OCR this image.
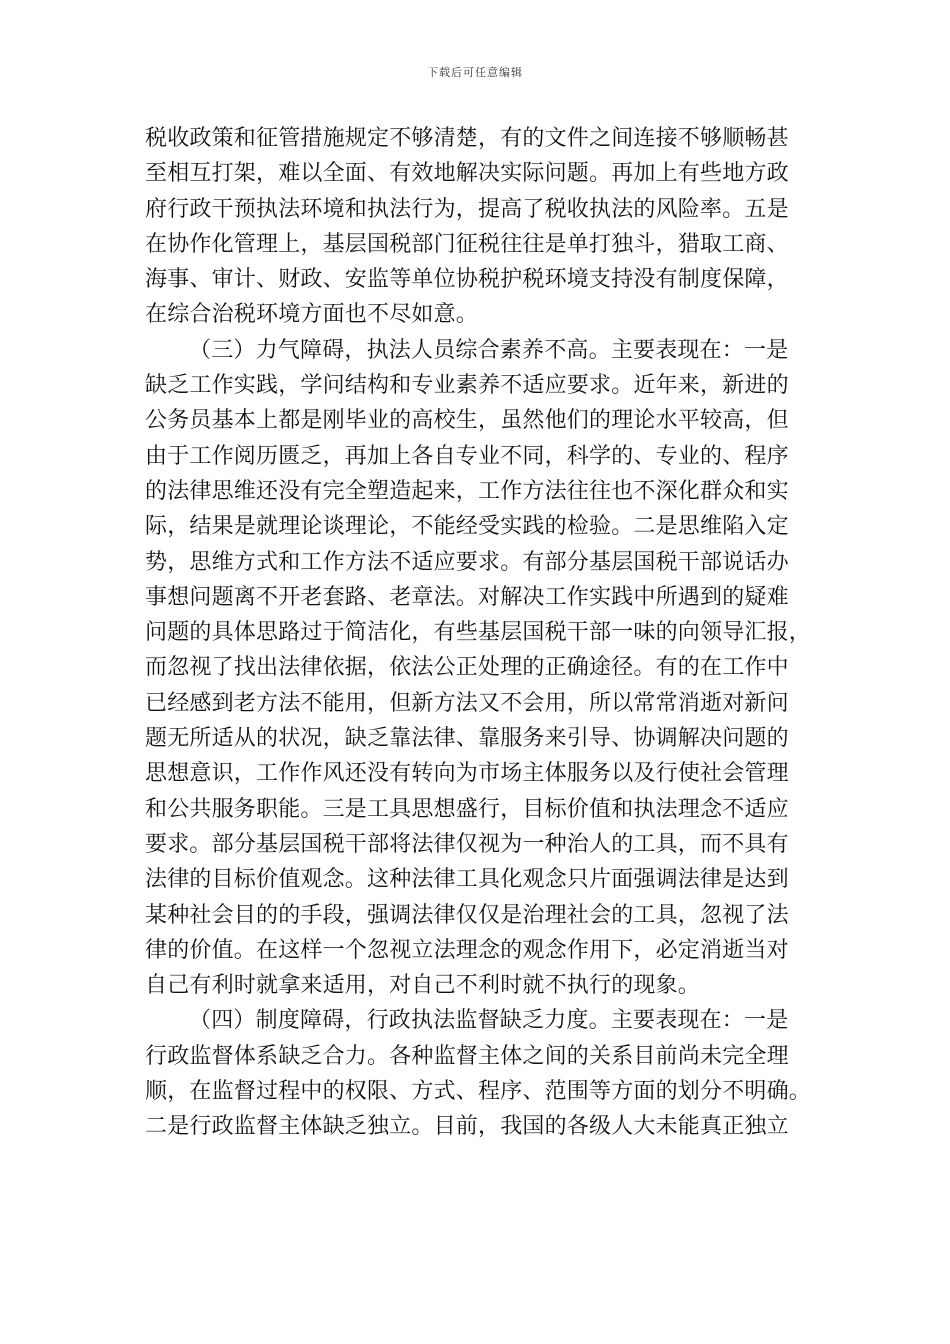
下载后可任意编辑
税收政策和征管措施规定不够清楚，有的文件之间连接不够顺畅甚
至相互打架，难以全面、有效地解决实际问题。再加上有些地方政
府行政干预执法环境和执法行为，提高了税收执法的风险率。五是
在协作化管理上，基层国税部门征税往往是单打独斗，猎取工商、
海事、审计、财政、安监等单位协税护税环境支持没有制度保障，
在综合治税环境方面也不尽如意。
（三）力气障碍，执法人员综合素养不高。主要表现在：一是
缺乏工作实践，学问结构和专业素养不适应要求。近年来，新进的
公务员基本上都是刚毕业的高校生，虽然他们的理论水平较高，但
由于工作阅历匮乏，再加上各自专业不同，科学的、专业的、程序
的法律思维还没有完全塑造起来，工作方法往往也不深化群众和实
际，结果是就理论谈理论，不能经受实践的检验。二是思维陷入定
势，思维方式和工作方法不适应要求。有部分基层国税干部说话办
事想问题离不开老套路、老章法。对解决工作实践中所遇到的疑难
问题的具体思路过于简洁化，有些基层国税干部一味的向领导汇报，
而忽视了找出法律依据，依法公正处理的正确途径。有的在工作中
已经感到老方法不能用，但新方法又不会用，所以常常消逝对新问
题无所适从的状况，缺乏靠法律、靠服务来引导、协调解决问题的
思想意识，工作作风还没有转向为市场主体服务以及行使社会管理
和公共服务职能。三是工具思想盛行，目标价值和执法理念不适应
要求。部分基层国税干部将法律仅视为一种治人的工具，而不具有
法律的目标价值观念。这种法律工具化观念只片面强调法律是达到
某种社会目的的手段，强调法律仅仅是治理社会的工具，忽视了法
律的价值。在这样一个忽视立法理念的观念作用下，必定消逝当对
自己有利时就拿来适用，对自己不利时就不执行的现象。
（四）制度障碍，行政执法监督缺乏力度。主要表现在：一是
行政监督体系缺乏合力。各种监督主体之间的关系目前尚未完全理
顺，在监督过程中的权限、方式、程序、范围等方面的划分不明确。
二是行政监督主体缺乏独立。目前，我国的各级人大未能真正独立
